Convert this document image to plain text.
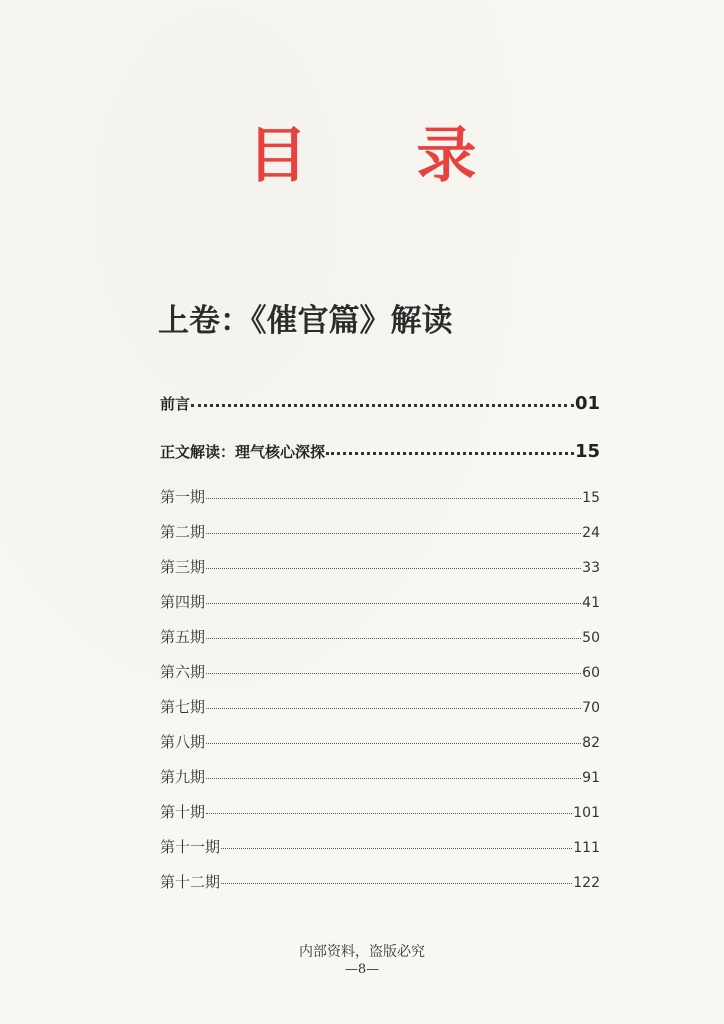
目 录
上卷：《催官篇》解读
前言	01
正文解读：理气核心深探	15
第一期	15
第二期	24
第三期	33
第四期	41
第五期	50
第六期	60
第七期	70
第八期	82
第九期	91
第十期	101
第十一期	111
第十二期	122
内部资料，盗版必究
—8—
